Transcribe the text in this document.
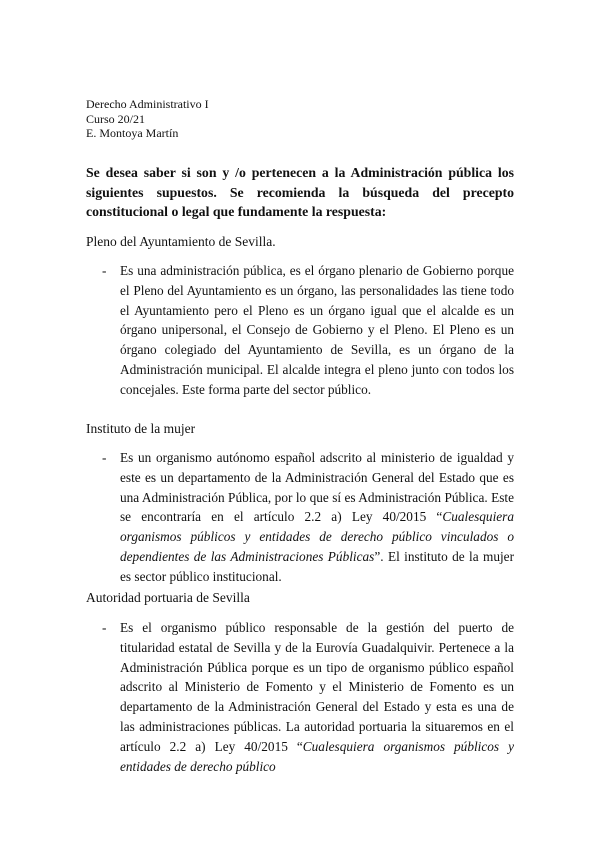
Derecho Administrativo I
Curso 20/21
E. Montoya Martín
Se desea saber si son y /o pertenecen a la Administración pública los siguientes supuestos. Se recomienda la búsqueda del precepto constitucional o legal que fundamente la respuesta:
Pleno del Ayuntamiento de Sevilla.
- Es una administración pública, es el órgano plenario de Gobierno porque el Pleno del Ayuntamiento es un órgano, las personalidades las tiene todo el Ayuntamiento pero el Pleno es un órgano igual que el alcalde es un órgano unipersonal, el Consejo de Gobierno y el Pleno. El Pleno es un órgano colegiado del Ayuntamiento de Sevilla, es un órgano de la Administración municipal. El alcalde integra el pleno junto con todos los concejales. Este forma parte del sector público.
Instituto de la mujer
- Es un organismo autónomo español adscrito al ministerio de igualdad y este es un departamento de la Administración General del Estado que es una Administración Pública, por lo que sí es Administración Pública. Este se encontraría en el artículo 2.2 a) Ley 40/2015 “Cualesquiera organismos públicos y entidades de derecho público vinculados o dependientes de las Administraciones Públicas”. El instituto de la mujer es sector público institucional.
Autoridad portuaria de Sevilla
- Es el organismo público responsable de la gestión del puerto de titularidad estatal de Sevilla y de la Eurovía Guadalquivir. Pertenece a la Administración Pública porque es un tipo de organismo público español adscrito al Ministerio de Fomento y el Ministerio de Fomento es un departamento de la Administración General del Estado y esta es una de las administraciones públicas. La autoridad portuaria la situaremos en el artículo 2.2 a) Ley 40/2015 “Cualesquiera organismos públicos y entidades de derecho público
